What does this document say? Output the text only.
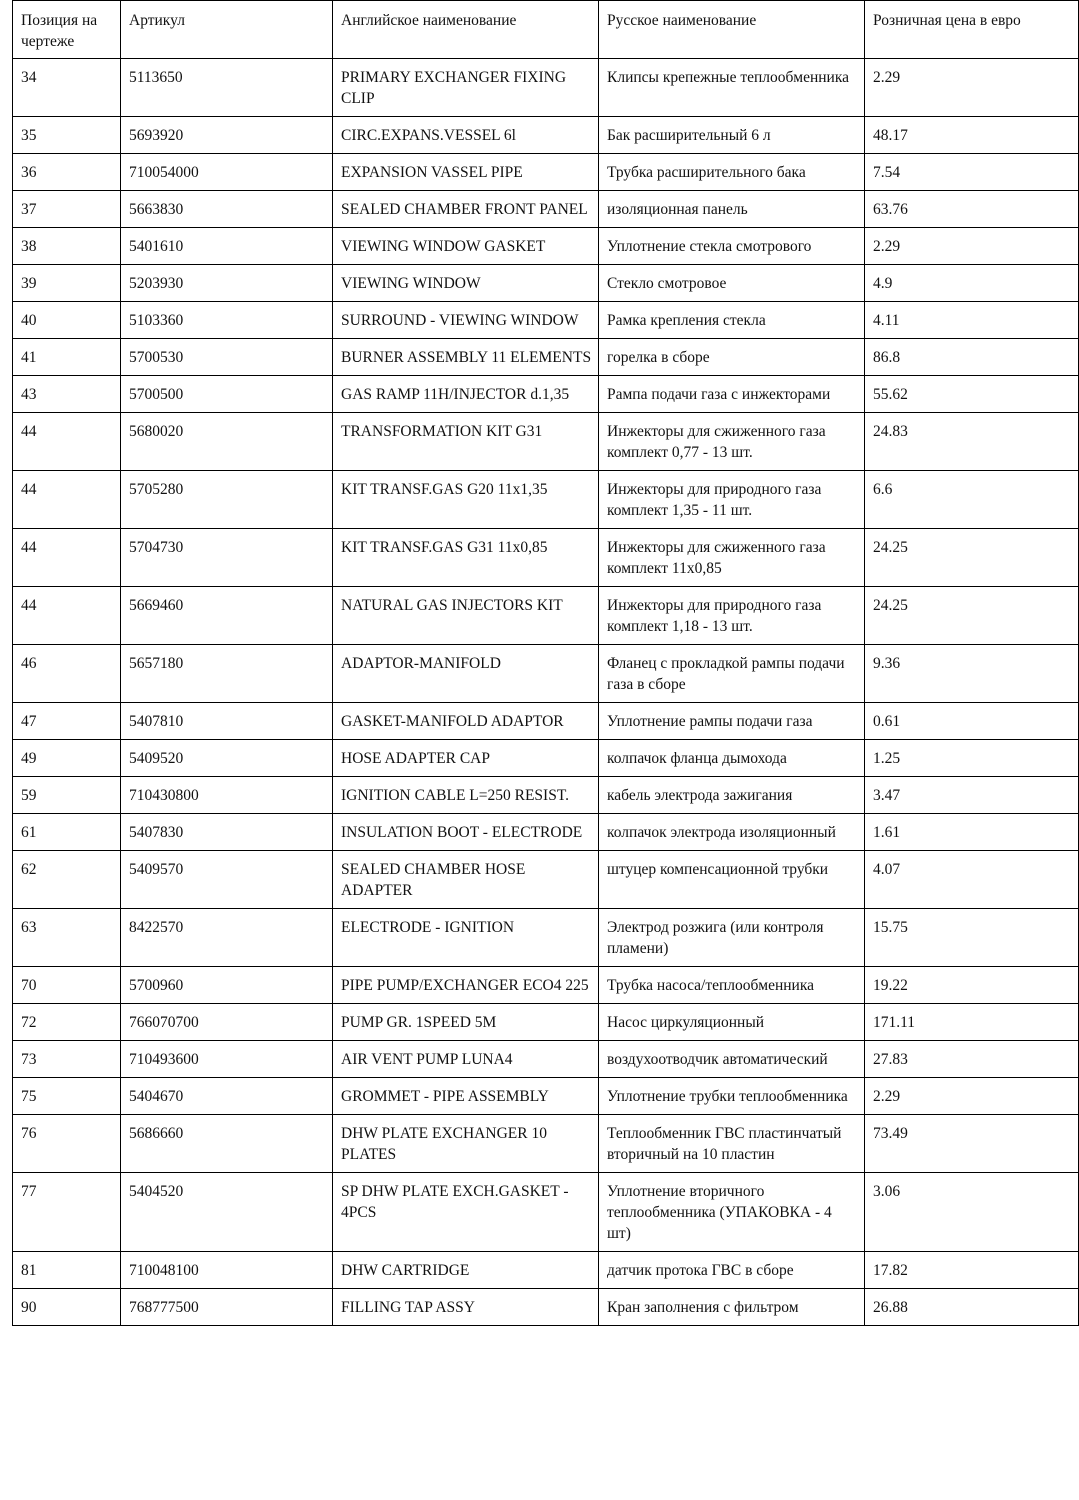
Позиция на чертеже	Артикул	Английское наименование	Русское наименование	Розничная цена в евро
34	5113650	PRIMARY EXCHANGER FIXING CLIP	Клипсы крепежные теплообменника	2.29
35	5693920	CIRC.EXPANS.VESSEL 6l	Бак расширительный 6 л	48.17
36	710054000	EXPANSION VASSEL PIPE	Трубка расширительного бака	7.54
37	5663830	SEALED CHAMBER FRONT PANEL	изоляционная панель	63.76
38	5401610	VIEWING WINDOW GASKET	Уплотнение стекла смотрового	2.29
39	5203930	VIEWING WINDOW	Стекло смотровое	4.9
40	5103360	SURROUND - VIEWING WINDOW	Рамка крепления стекла	4.11
41	5700530	BURNER ASSEMBLY 11 ELEMENTS	горелка в сборе	86.8
43	5700500	GAS RAMP 11H/INJECTOR d.1,35	Рампа подачи газа с инжекторами	55.62
44	5680020	TRANSFORMATION KIT G31	Инжекторы для сжиженного газа комплект 0,77 - 13 шт.	24.83
44	5705280	KIT TRANSF.GAS G20 11x1,35	Инжекторы для природного газа комплект 1,35 - 11 шт.	6.6
44	5704730	KIT TRANSF.GAS G31 11x0,85	Инжекторы для сжиженного газа комплект 11х0,85	24.25
44	5669460	NATURAL GAS INJECTORS KIT	Инжекторы для природного газа комплект 1,18 - 13 шт.	24.25
46	5657180	ADAPTOR-MANIFOLD	Фланец с прокладкой рампы подачи газа в сборе	9.36
47	5407810	GASKET-MANIFOLD ADAPTOR	Уплотнение рампы подачи газа	0.61
49	5409520	HOSE ADAPTER CAP	колпачок фланца дымохода	1.25
59	710430800	IGNITION CABLE L=250 RESIST.	кабель электрода зажигания	3.47
61	5407830	INSULATION BOOT - ELECTRODE	колпачок электрода изоляционный	1.61
62	5409570	SEALED CHAMBER HOSE ADAPTER	штуцер компенсационной трубки	4.07
63	8422570	ELECTRODE - IGNITION	Электрод розжига (или контроля пламени)	15.75
70	5700960	PIPE PUMP/EXCHANGER ECO4 225	Трубка насоса/теплообменника	19.22
72	766070700	PUMP GR. 1SPEED 5M	Насос циркуляционный	171.11
73	710493600	AIR VENT PUMP LUNA4	воздухоотводчик автоматический	27.83
75	5404670	GROMMET - PIPE ASSEMBLY	Уплотнение трубки теплообменника	2.29
76	5686660	DHW PLATE EXCHANGER 10 PLATES	Теплообменник ГВС пластинчатый вторичный на 10 пластин	73.49
77	5404520	SP DHW PLATE EXCH.GASKET - 4PCS	Уплотнение вторичного теплообменника (УПАКОВКА - 4 шт)	3.06
81	710048100	DHW CARTRIDGE	датчик протока ГВС в сборе	17.82
90	768777500	FILLING TAP ASSY	Кран заполнения с фильтром	26.88
